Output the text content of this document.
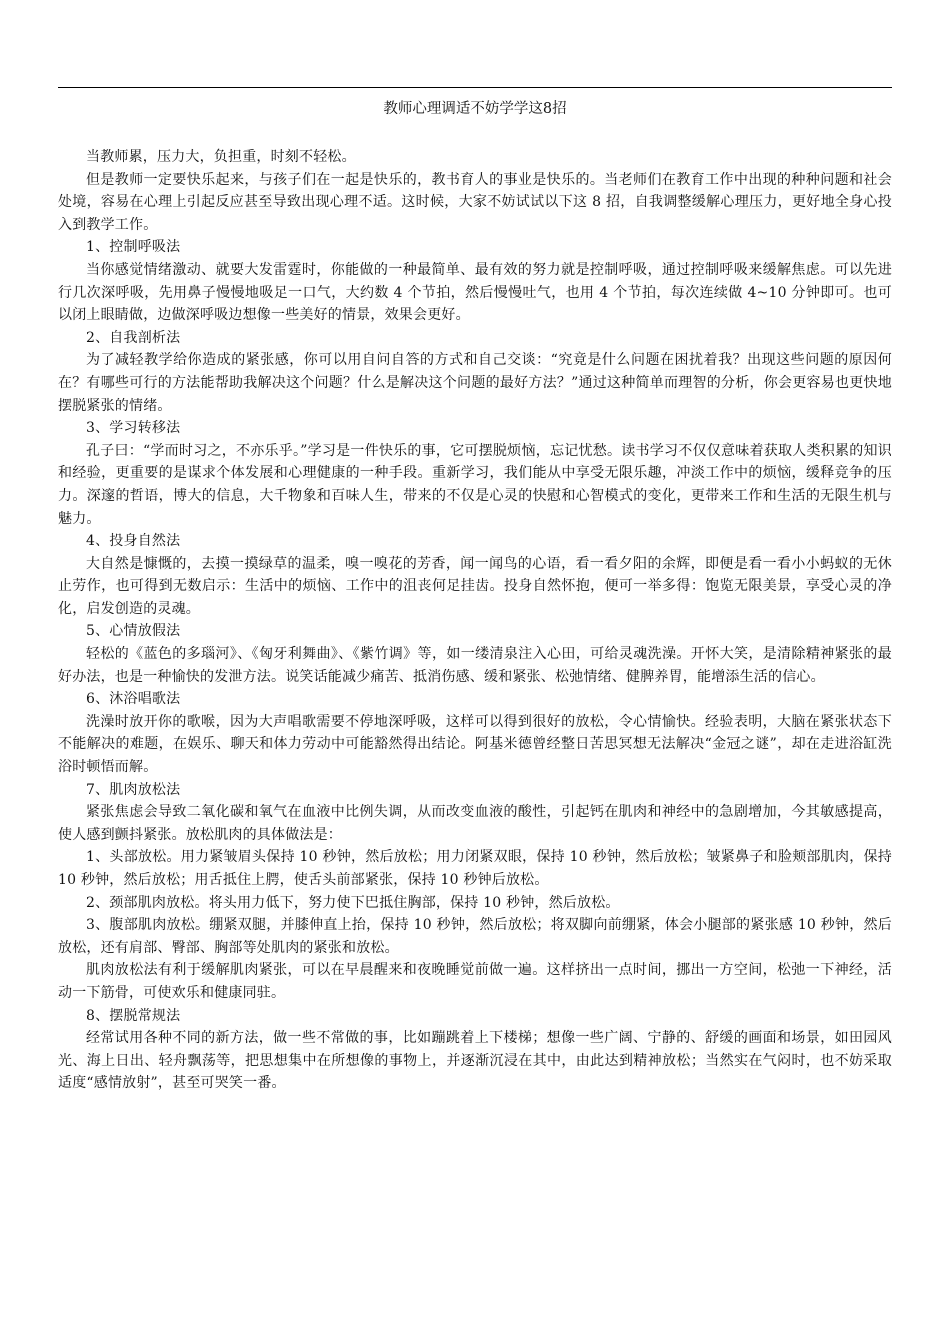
教师心理调适不妨学学这8招

当教师累，压力大，负担重，时刻不轻松。

但是教师一定要快乐起来，与孩子们在一起是快乐的，教书育人的事业是快乐的。当老师们在教育工作中出现的种种问题和社会处境，容易在心理上引起反应甚至导致出现心理不适。这时候，大家不妨试试以下这 8 招，自我调整缓解心理压力，更好地全身心投入到教学工作。

1、控制呼吸法

当你感觉情绪激动、就要大发雷霆时，你能做的一种最简单、最有效的努力就是控制呼吸，通过控制呼吸来缓解焦虑。可以先进行几次深呼吸，先用鼻子慢慢地吸足一口气，大约数 4 个节拍，然后慢慢吐气，也用 4 个节拍，每次连续做 4~10 分钟即可。也可以闭上眼睛做，边做深呼吸边想像一些美好的情景，效果会更好。

2、自我剖析法

为了减轻教学给你造成的紧张感，你可以用自问自答的方式和自己交谈：“究竟是什么问题在困扰着我？出现这些问题的原因何在？有哪些可行的方法能帮助我解决这个问题？什么是解决这个问题的最好方法？”通过这种简单而理智的分析，你会更容易也更快地摆脱紧张的情绪。

3、学习转移法

孔子曰：“学而时习之，不亦乐乎。”学习是一件快乐的事，它可摆脱烦恼，忘记忧愁。读书学习不仅仅意味着获取人类积累的知识和经验，更重要的是谋求个体发展和心理健康的一种手段。重新学习，我们能从中享受无限乐趣，冲淡工作中的烦恼，缓释竞争的压力。深邃的哲语，博大的信息，大千物象和百味人生，带来的不仅是心灵的快慰和心智模式的变化，更带来工作和生活的无限生机与魅力。

4、投身自然法

大自然是慷慨的，去摸一摸绿草的温柔，嗅一嗅花的芳香，闻一闻鸟的心语，看一看夕阳的余辉，即便是看一看小小蚂蚁的无休止劳作，也可得到无数启示：生活中的烦恼、工作中的沮丧何足挂齿。投身自然怀抱，便可一举多得：饱览无限美景，享受心灵的净化，启发创造的灵魂。

5、心情放假法

轻松的《蓝色的多瑙河》、《匈牙利舞曲》、《紫竹调》等，如一缕清泉注入心田，可给灵魂洗澡。开怀大笑，是清除精神紧张的最好办法，也是一种愉快的发泄方法。说笑话能减少痛苦、抵消伤感、缓和紧张、松弛情绪、健脾养胃，能增添生活的信心。

6、沐浴唱歌法

洗澡时放开你的歌喉，因为大声唱歌需要不停地深呼吸，这样可以得到很好的放松，令心情愉快。经验表明，大脑在紧张状态下不能解决的难题，在娱乐、聊天和体力劳动中可能豁然得出结论。阿基米德曾经整日苦思冥想无法解决“金冠之谜”，却在走进浴缸洗浴时顿悟而解。

7、肌肉放松法

紧张焦虑会导致二氧化碳和氧气在血液中比例失调，从而改变血液的酸性，引起钙在肌肉和神经中的急剧增加，今其敏感提高，使人感到颤抖紧张。放松肌肉的具体做法是：

1、头部放松。用力紧皱眉头保持 10 秒钟，然后放松；用力闭紧双眼，保持 10 秒钟，然后放松；皱紧鼻子和脸颊部肌肉，保持 10 秒钟，然后放松；用舌抵住上腭，使舌头前部紧张，保持 10 秒钟后放松。

2、颈部肌肉放松。将头用力低下，努力使下巴抵住胸部，保持 10 秒钟，然后放松。

3、腹部肌肉放松。绷紧双腿，并膝伸直上抬，保持 10 秒钟，然后放松；将双脚向前绷紧，体会小腿部的紧张感 10 秒钟，然后放松，还有肩部、臀部、胸部等处肌肉的紧张和放松。

肌肉放松法有利于缓解肌肉紧张，可以在早晨醒来和夜晚睡觉前做一遍。这样挤出一点时间，挪出一方空间，松弛一下神经，活动一下筋骨，可使欢乐和健康同驻。

8、摆脱常规法

经常试用各种不同的新方法，做一些不常做的事，比如蹦跳着上下楼梯；想像一些广阔、宁静的、舒缓的画面和场景，如田园风光、海上日出、轻舟飘荡等，把思想集中在所想像的事物上，并逐渐沉浸在其中，由此达到精神放松；当然实在气闷时，也不妨采取适度“感情放射”，甚至可哭笑一番。
